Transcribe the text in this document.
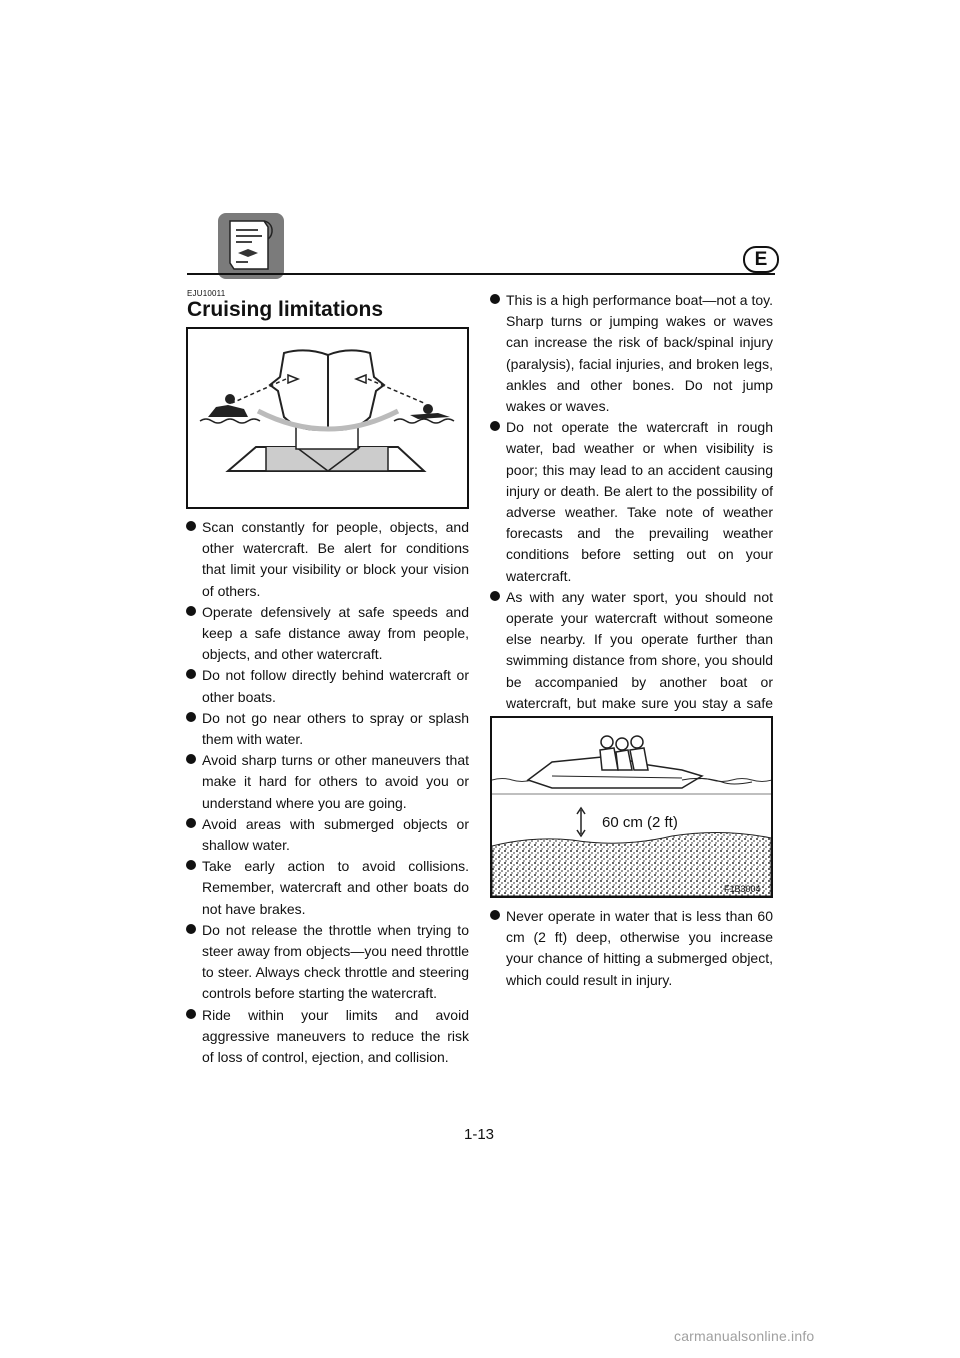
E
EJU10011
Cruising limitations
Scan constantly for people, objects, and other watercraft. Be alert for conditions that limit your visibility or block your vision of others.
Operate defensively at safe speeds and keep a safe distance away from people, objects, and other watercraft.
Do not follow directly behind watercraft or other boats.
Do not go near others to spray or splash them with water.
Avoid sharp turns or other maneuvers that make it hard for others to avoid you or understand where you are going.
Avoid areas with submerged objects or shallow water.
Take early action to avoid collisions. Remember, watercraft and other boats do not have brakes.
Do not release the throttle when trying to steer away from objects—you need throttle to steer. Always check throttle and steering controls before starting the watercraft.
Ride within your limits and avoid aggressive maneuvers to reduce the risk of loss of control, ejection, and collision.
This is a high performance boat—not a toy. Sharp turns or jumping wakes or waves can increase the risk of back/spinal injury (paralysis), facial injuries, and broken legs, ankles and other bones. Do not jump wakes or waves.
Do not operate the watercraft in rough water, bad weather or when visibility is poor; this may lead to an accident causing injury or death. Be alert to the possibility of adverse weather. Take note of weather forecasts and the prevailing weather conditions before setting out on your watercraft.
As with any water sport, you should not operate your watercraft without someone else nearby. If you operate further than swimming distance from shore, you should be accompanied by another boat or watercraft, but make sure you stay a safe
60 cm (2 ft)
F1B3004
Never operate in water that is less than 60 cm (2 ft) deep, otherwise you increase your chance of hitting a submerged object, which could result in injury.
1-13
carmanualsonline.info
